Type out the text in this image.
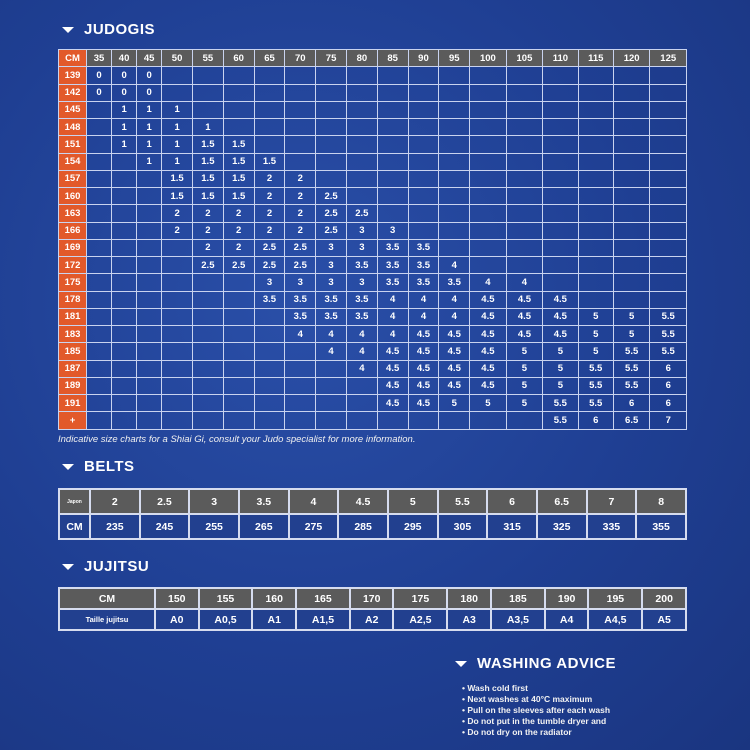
JUDOGIS
CM	35	40	45	50	55	60	65	70	75	80	85	90	95	100	105	110	115	120	125
139	0	0	0																
142	0	0	0																
145		1	1	1															
148		1	1	1	1														
151		1	1	1	1.5	1.5													
154			1	1	1.5	1.5	1.5												
157				1.5	1.5	1.5	2	2											
160				1.5	1.5	1.5	2	2	2.5										
163				2	2	2	2	2	2.5	2.5									
166				2	2	2	2	2	2.5	3	3								
169					2	2	2.5	2.5	3	3	3.5	3.5							
172					2.5	2.5	2.5	2.5	3	3.5	3.5	3.5	4						
175							3	3	3	3	3.5	3.5	3.5	4	4				
178							3.5	3.5	3.5	3.5	4	4	4	4.5	4.5	4.5			
181								3.5	3.5	3.5	4	4	4	4.5	4.5	4.5	5	5	5.5
183								4	4	4	4	4.5	4.5	4.5	4.5	4.5	5	5	5.5
185									4	4	4.5	4.5	4.5	4.5	5	5	5	5.5	5.5
187										4	4.5	4.5	4.5	4.5	5	5	5.5	5.5	6
189											4.5	4.5	4.5	4.5	5	5	5.5	5.5	6
191											4.5	4.5	5	5	5	5.5	5.5	6	6
+																5.5	6	6.5	7
Indicative size charts for a Shiai Gi, consult your Judo specialist for more information.
BELTS
Japon	2	2.5	3	3.5	4	4.5	5	5.5	6	6.5	7	8
CM	235	245	255	265	275	285	295	305	315	325	335	355
JUJITSU
CM	150	155	160	165	170	175	180	185	190	195	200
Taille jujitsu	A0	A0,5	A1	A1,5	A2	A2,5	A3	A3,5	A4	A4,5	A5
WASHING ADVICE
• Wash cold first
• Next washes at 40°C maximum
• Pull on the sleeves after each wash
• Do not put in the tumble dryer and
• Do not dry on the radiator
